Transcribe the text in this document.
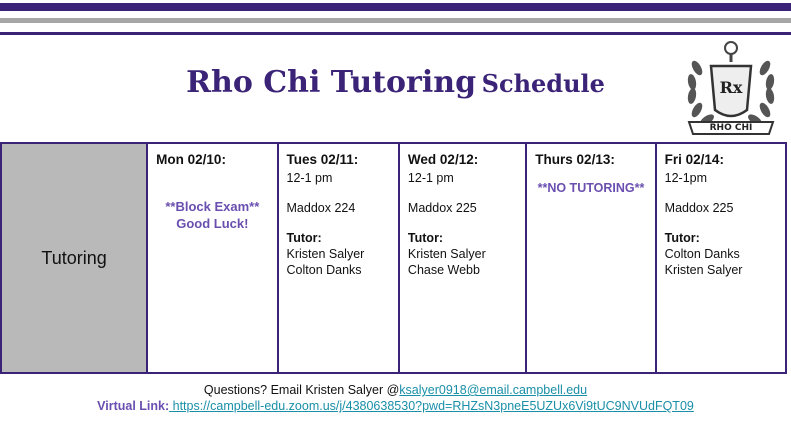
Rho Chi Tutoring Schedule	Rx
RHO CHI
Tutoring
Mon 02/10:
**Block Exam**
Good Luck!
Tues 02/11:
12-1 pm
Maddox 224
Tutor:
Kristen Salyer
Colton Danks
Wed 02/12:
12-1 pm
Maddox 225
Tutor:
Kristen Salyer
Chase Webb
Thurs 02/13:
**NO TUTORING**
Fri 02/14:
12-1pm
Maddox 225
Tutor:
Colton Danks
Kristen Salyer
Questions? Email Kristen Salyer @ksalyer0918@email.campbell.edu
Virtual Link: https://campbell-edu.zoom.us/j/4380638530?pwd=RHZsN3pneE5UZUx6Vi9tUC9NVUdFQT09
